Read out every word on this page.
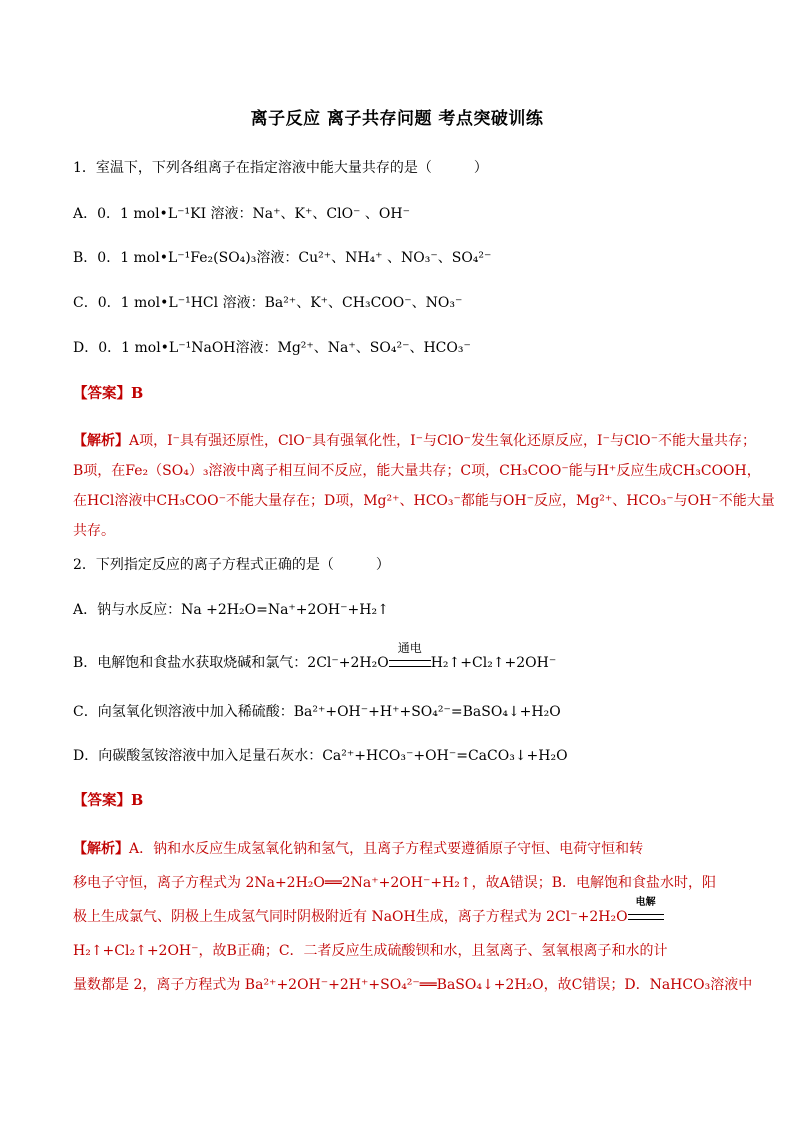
离子反应 离子共存问题 考点突破训练
1．室温下，下列各组离子在指定溶液中能大量共存的是（　　　）
A．0．1 mol•L⁻¹KI 溶液：Na⁺、K⁺、ClO⁻ 、OH⁻
B．0．1 mol•L⁻¹Fe₂(SO₄)₃溶液：Cu²⁺、NH₄⁺ 、NO₃⁻、SO₄²⁻
C．0．1 mol•L⁻¹HCl 溶液：Ba²⁺、K⁺、CH₃COO⁻、NO₃⁻
D．0．1 mol•L⁻¹NaOH溶液：Mg²⁺、Na⁺、SO₄²⁻、HCO₃⁻
【答案】B
【解析】A项，I⁻具有强还原性，ClO⁻具有强氧化性，I⁻与ClO⁻发生氧化还原反应，I⁻与ClO⁻不能大量共存；
B项，在Fe₂（SO₄）₃溶液中离子相互间不反应，能大量共存；C项，CH₃COO⁻能与H⁺反应生成CH₃COOH，
在HCl溶液中CH₃COO⁻不能大量存在；D项，Mg²⁺、HCO₃⁻都能与OH⁻反应，Mg²⁺、HCO₃⁻与OH⁻不能大量
共存。
2．下列指定反应的离子方程式正确的是（　　　）
A．钠与水反应：Na +2H₂O=Na⁺+2OH⁻+H₂↑
B．电解饱和食盐水获取烧碱和氯气：2Cl⁻+2H₂O
通电
H₂↑+Cl₂↑+2OH⁻
C．向氢氧化钡溶液中加入稀硫酸：Ba²⁺+OH⁻+H⁺+SO₄²⁻=BaSO₄↓+H₂O
D．向碳酸氢铵溶液中加入足量石灰水：Ca²⁺+HCO₃⁻+OH⁻=CaCO₃↓+H₂O
【答案】B
【解析】A．钠和水反应生成氢氧化钠和氢气，且离子方程式要遵循原子守恒、电荷守恒和转
移电子守恒，离子方程式为 2Na+2H₂O══2Na⁺+2OH⁻+H₂↑，故A错误；B．电解饱和食盐水时，阳
极上生成氯气、阴极上生成氢气同时阴极附近有 NaOH生成，离子方程式为 2Cl⁻+2H₂O
电解
H₂↑+Cl₂↑+2OH⁻，故B正确；C．二者反应生成硫酸钡和水，且氢离子、氢氧根离子和水的计
量数都是 2，离子方程式为 Ba²⁺+2OH⁻+2H⁺+SO₄²⁻══BaSO₄↓+2H₂O，故C错误；D．NaHCO₃溶液中
